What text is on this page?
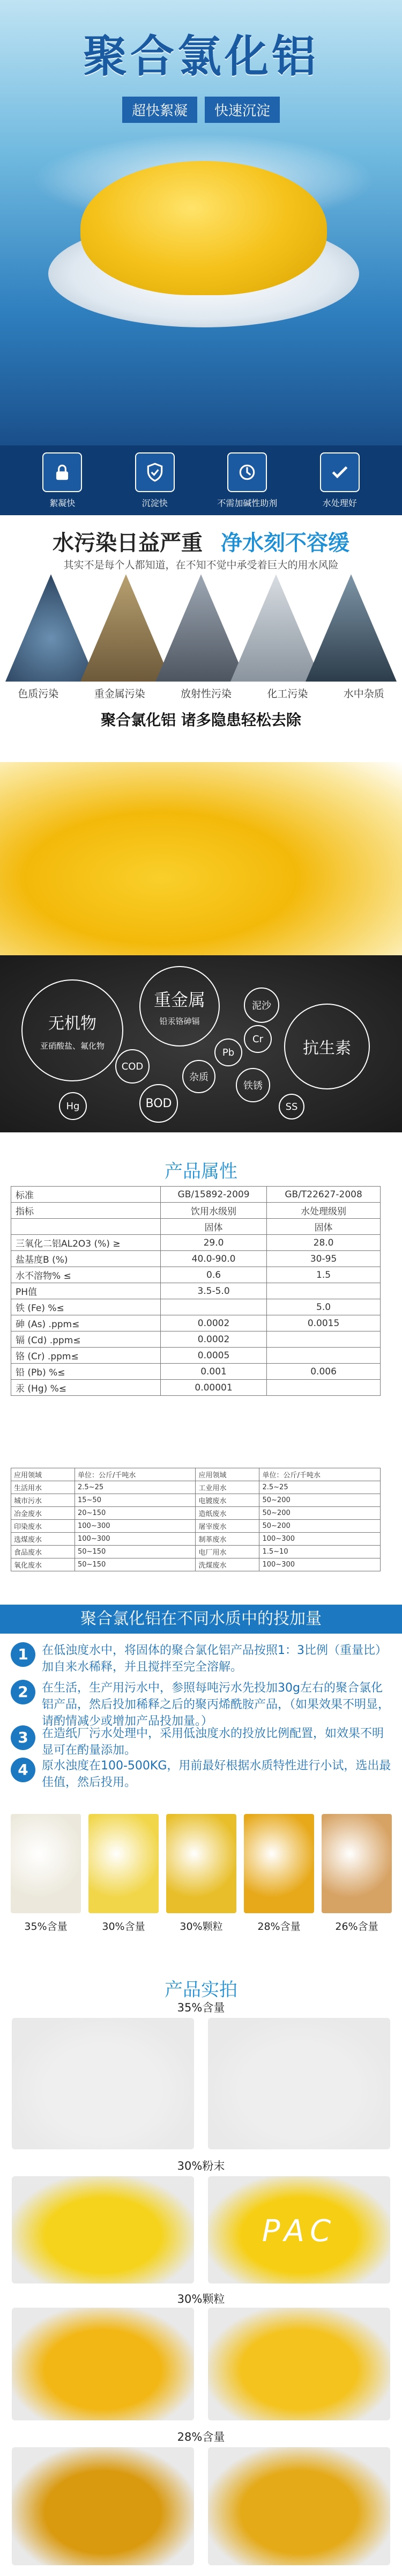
聚合氯化铝
超快絮凝	快速沉淀
絮凝快	沉淀快	不需加碱性助剂	水处理好
水污染日益严重 净水刻不容缓
其实不是每个人都知道，在不知不觉中承受着巨大的用水风险
色质污染	重金属污染	放射性污染	化工污染	水中杂质
聚合氯化铝 诸多隐患轻松去除
无机物
亚硝酸盐、氟化物
重金属
铅汞铬砷镉
COD
Pb
Cr
泥沙
抗生素
Hg	BOD
杂质
铁锈
SS
产品属性
标准	GB/15892-2009	GB/T22627-2008
指标	饮用水级别	水处理级别
	固体	固体
三氧化二铝AL2O3 (%) ≥	29.0	28.0
盐基度B (%)	40.0-90.0	30-95
水不溶物% ≤	0.6	1.5
PH值	3.5-5.0	
铁 (Fe) %≤		5.0
砷 (As) .ppm≤	0.0002	0.0015
镉 (Cd) .ppm≤	0.0002	
铬 (Cr) .ppm≤	0.0005	
铅 (Pb) %≤	0.001	0.006
汞 (Hg) %≤	0.00001	
应用领域	单位：公斤/千吨水	应用领域	单位：公斤/千吨水
生活用水	2.5~25	工业用水	2.5~25
城市污水	15~50	电镀废水	50~200
冶金废水	20~150	造纸废水	50~200
印染废水	100~300	屠宰废水	50~200
选煤废水	100~300	制革废水	100~300
食品废水	50~150	电厂用水	1.5~10
氧化废水	50~150	洗煤废水	100~300
聚合氯化铝在不同水质中的投加量
1	在低浊度水中，将固体的聚合氯化铝产品按照1：3比例（重量比）加自来水稀释，并且搅拌至完全溶解。
2	在生活，生产用污水中，参照每吨污水先投加30g左右的聚合氯化铝产品，然后投加稀释之后的聚丙烯酰胺产品，（如果效果不明显，请酌情减少或增加产品投加量。）
3	在造纸厂污水处理中，采用低浊度水的投放比例配置，如效果不明显可在酌量添加。
4	原水浊度在100-500KG，用前最好根据水质特性进行小试，选出最佳值，然后投用。
35%含量	30%含量	30%颗粒	28%含量	26%含量
产品实拍
35%含量
30%粉末
PAC
30%颗粒
28%含量
